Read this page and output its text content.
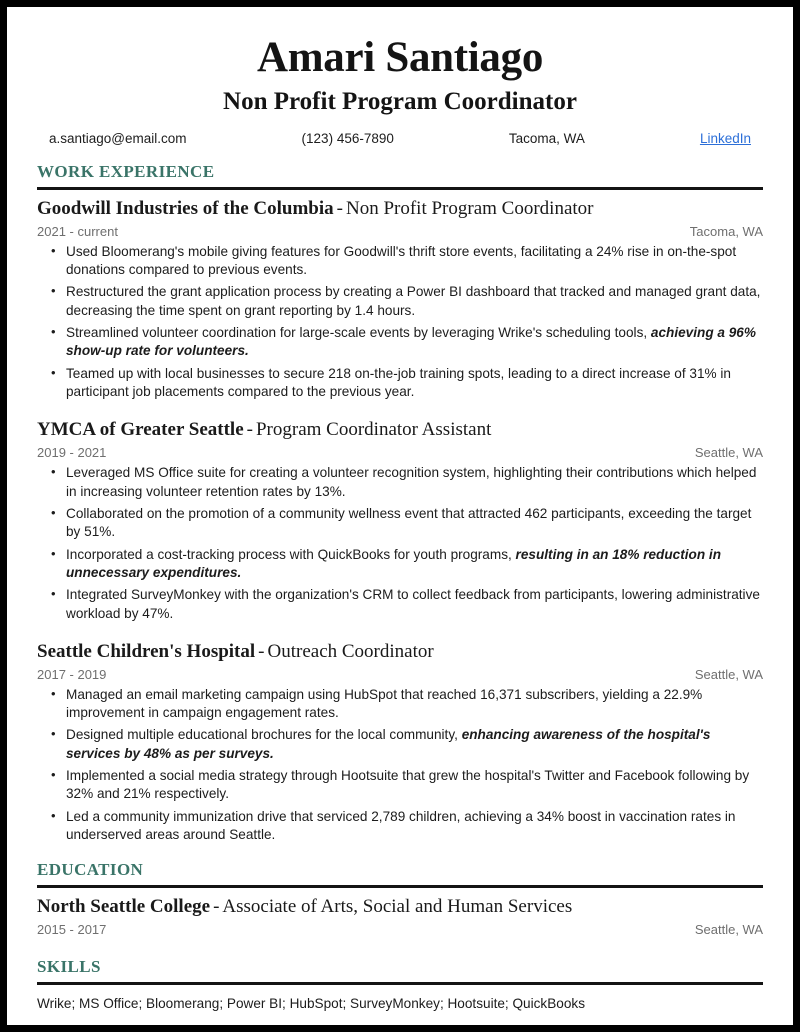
Amari Santiago
Non Profit Program Coordinator
a.santiago@email.com	(123) 456-7890	Tacoma, WA	LinkedIn
WORK EXPERIENCE
Goodwill Industries of the Columbia - Non Profit Program Coordinator
2021 - current	Tacoma, WA
• Used Bloomerang's mobile giving features for Goodwill's thrift store events, facilitating a 24% rise in on-the-spot donations compared to previous events.
• Restructured the grant application process by creating a Power BI dashboard that tracked and managed grant data, decreasing the time spent on grant reporting by 1.4 hours.
• Streamlined volunteer coordination for large-scale events by leveraging Wrike's scheduling tools, achieving a 96% show-up rate for volunteers.
• Teamed up with local businesses to secure 218 on-the-job training spots, leading to a direct increase of 31% in participant job placements compared to the previous year.
YMCA of Greater Seattle - Program Coordinator Assistant
2019 - 2021	Seattle, WA
• Leveraged MS Office suite for creating a volunteer recognition system, highlighting their contributions which helped in increasing volunteer retention rates by 13%.
• Collaborated on the promotion of a community wellness event that attracted 462 participants, exceeding the target by 51%.
• Incorporated a cost-tracking process with QuickBooks for youth programs, resulting in an 18% reduction in unnecessary expenditures.
• Integrated SurveyMonkey with the organization's CRM to collect feedback from participants, lowering administrative workload by 47%.
Seattle Children's Hospital - Outreach Coordinator
2017 - 2019	Seattle, WA
• Managed an email marketing campaign using HubSpot that reached 16,371 subscribers, yielding a 22.9% improvement in campaign engagement rates.
• Designed multiple educational brochures for the local community, enhancing awareness of the hospital's services by 48% as per surveys.
• Implemented a social media strategy through Hootsuite that grew the hospital's Twitter and Facebook following by 32% and 21% respectively.
• Led a community immunization drive that serviced 2,789 children, achieving a 34% boost in vaccination rates in underserved areas around Seattle.
EDUCATION
North Seattle College - Associate of Arts, Social and Human Services
2015 - 2017	Seattle, WA
SKILLS
Wrike; MS Office; Bloomerang; Power BI; HubSpot; SurveyMonkey; Hootsuite; QuickBooks
